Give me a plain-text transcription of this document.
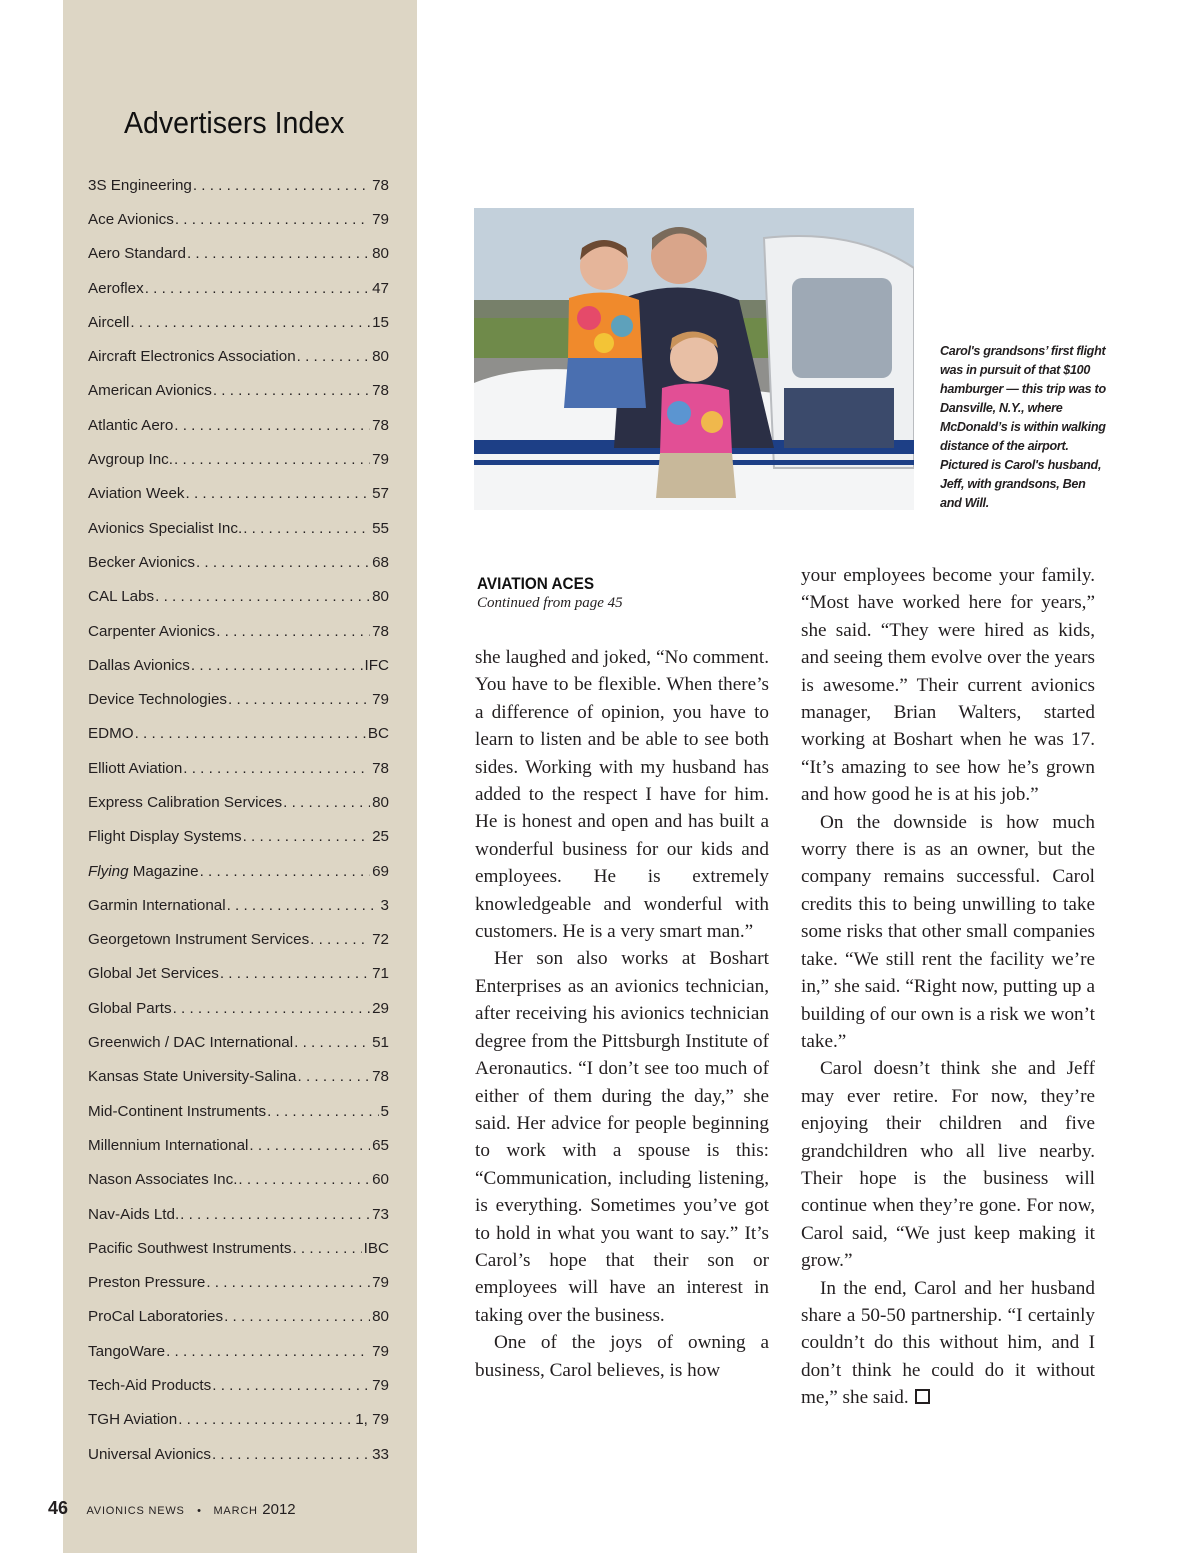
Advertisers Index
3S Engineering . . .	78
Ace Avionics . . .	79
Aero Standard . . .	80
Aeroflex . . .	47
Aircell . . .	15
Aircraft Electronics Association . . .	80
American Avionics . . .	78
Atlantic Aero . . .	78
Avgroup Inc. . . .	79
Aviation Week . . .	57
Avionics Specialist Inc. . . .	55
Becker Avionics . . .	68
CAL Labs . . .	80
Carpenter Avionics . . .	78
Dallas Avionics . . .	IFC
Device Technologies . . .	79
EDMO . . .	BC
Elliott Aviation . . .	78
Express Calibration Services . . .	80
Flight Display Systems . . .	25
Flying Magazine . . .	69
Garmin International . . .	3
Georgetown Instrument Services . . .	72
Global Jet Services . . .	71
Global Parts . . .	29
Greenwich / DAC International . . .	51
Kansas State University-Salina . . .	78
Mid-Continent Instruments . . .	5
Millennium International . . .	65
Nason Associates Inc. . . .	60
Nav-Aids Ltd. . . .	73
Pacific Southwest Instruments . . .	IBC
Preston Pressure . . .	79
ProCal Laboratories . . .	80
TangoWare . . .	79
Tech-Aid Products . . .	79
TGH Aviation . . .	1, 79
Universal Avionics . . .	33
46 AVIONICS NEWS • MARCH 2012
Carol's grandsons’ first flight was in pursuit of that $100 hamburger — this trip was to Dansville, N.Y., where McDonald’s is within walking distance of the airport. Pictured is Carol's husband, Jeff, with grandsons, Ben and Will.
AVIATION ACES
Continued from page 45

she laughed and joked, “No comment. You have to be flexible. When there’s a difference of opinion, you have to learn to listen and be able to see both sides. Working with my husband has added to the respect I have for him. He is honest and open and has built a wonderful business for our kids and employees. He is extremely knowledgeable and wonderful with customers. He is a very smart man.”

Her son also works at Boshart Enterprises as an avionics technician, after receiving his avionics technician degree from the Pittsburgh Institute of Aeronautics. “I don’t see too much of either of them during the day,” she said. Her advice for people beginning to work with a spouse is this: “Communication, including listening, is everything. Sometimes you’ve got to hold in what you want to say.” It’s Carol’s hope that their son or employees will have an interest in taking over the business.

One of the joys of owning a business, Carol believes, is how

your employees become your family. “Most have worked here for years,” she said. “They were hired as kids, and seeing them evolve over the years is awesome.” Their current avionics manager, Brian Walters, started working at Boshart when he was 17. “It’s amazing to see how he’s grown and how good he is at his job.”

On the downside is how much worry there is as an owner, but the company remains successful. Carol credits this to being unwilling to take some risks that other small companies take. “We still rent the facility we’re in,” she said. “Right now, putting up a building of our own is a risk we won’t take.”

Carol doesn’t think she and Jeff may ever retire. For now, they’re enjoying their children and five grandchildren who all live nearby. Their hope is the business will continue when they’re gone. For now, Carol said, “We just keep making it grow.”

In the end, Carol and her husband share a 50-50 partnership. “I certainly couldn’t do this without him, and I don’t think he could do it without me,” she said.
